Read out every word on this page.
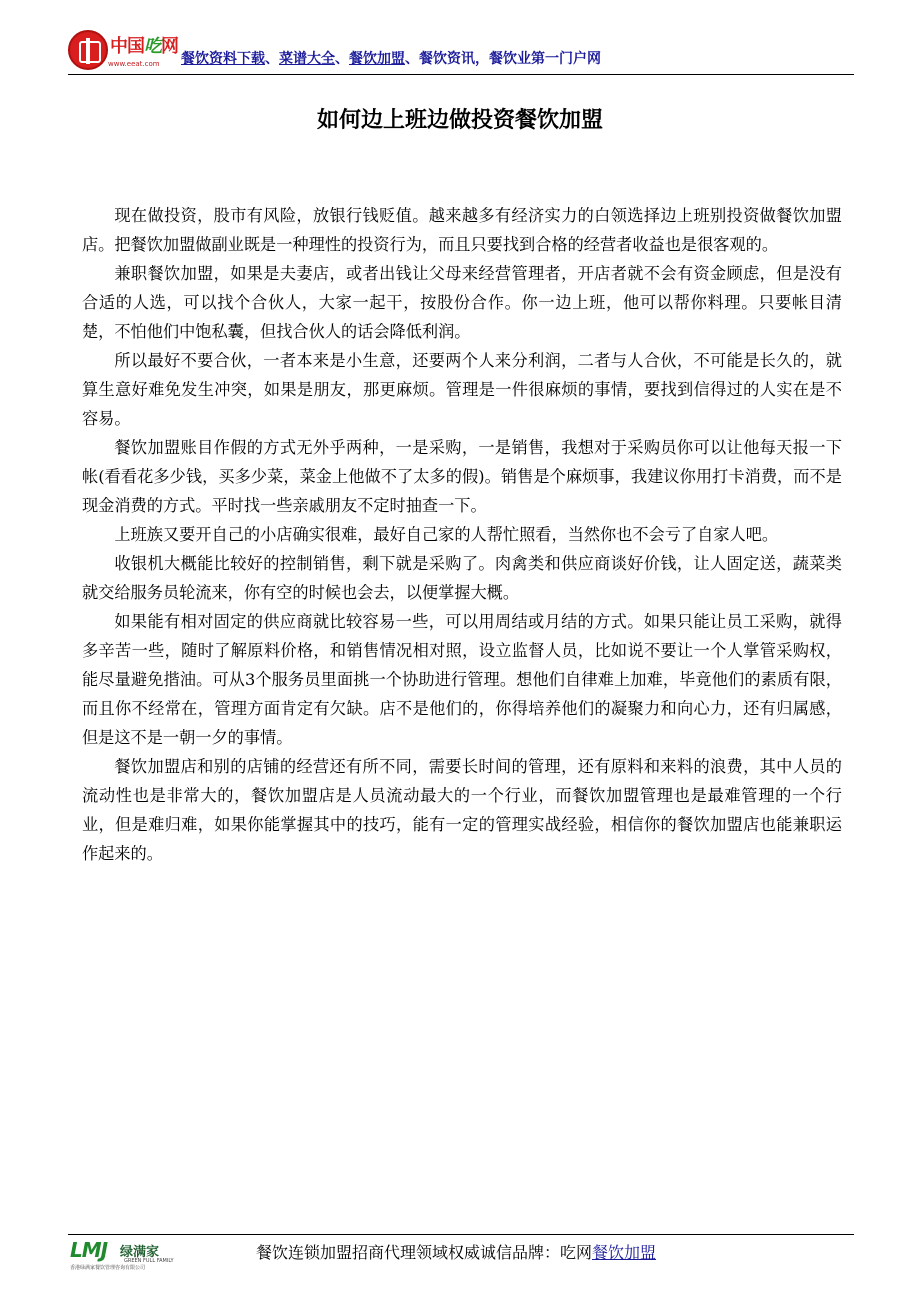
中国吃网
www.eeat.com 餐饮资料下载、菜谱大全、餐饮加盟、餐饮资讯，餐饮业第一门户网
如何边上班边做投资餐饮加盟

现在做投资，股市有风险，放银行钱贬值。越来越多有经济实力的白领选择边上班别投资做餐饮加盟店。把餐饮加盟做副业既是一种理性的投资行为，而且只要找到合格的经营者收益也是很客观的。

兼职餐饮加盟，如果是夫妻店，或者出钱让父母来经营管理者，开店者就不会有资金顾虑，但是没有合适的人选，可以找个合伙人，大家一起干，按股份合作。你一边上班，他可以帮你料理。只要帐目清楚，不怕他们中饱私囊，但找合伙人的话会降低利润。

所以最好不要合伙，一者本来是小生意，还要两个人来分利润，二者与人合伙，不可能是长久的，就算生意好难免发生冲突，如果是朋友，那更麻烦。管理是一件很麻烦的事情，要找到信得过的人实在是不容易。

餐饮加盟账目作假的方式无外乎两种，一是采购，一是销售，我想对于采购员你可以让他每天报一下帐(看看花多少钱，买多少菜，菜金上他做不了太多的假)。销售是个麻烦事，我建议你用打卡消费，而不是现金消费的方式。平时找一些亲戚朋友不定时抽查一下。

上班族又要开自己的小店确实很难，最好自己家的人帮忙照看，当然你也不会亏了自家人吧。

收银机大概能比较好的控制销售，剩下就是采购了。肉禽类和供应商谈好价钱，让人固定送，蔬菜类就交给服务员轮流来，你有空的时候也会去，以便掌握大概。

如果能有相对固定的供应商就比较容易一些，可以用周结或月结的方式。如果只能让员工采购，就得多辛苦一些，随时了解原料价格，和销售情况相对照，设立监督人员，比如说不要让一个人掌管采购权，能尽量避免揩油。可从3个服务员里面挑一个协助进行管理。想他们自律难上加难，毕竟他们的素质有限，而且你不经常在，管理方面肯定有欠缺。店不是他们的，你得培养他们的凝聚力和向心力，还有归属感，但是这不是一朝一夕的事情。

餐饮加盟店和别的店铺的经营还有所不同，需要长时间的管理，还有原料和来料的浪费，其中人员的流动性也是非常大的，餐饮加盟店是人员流动最大的一个行业，而餐饮加盟管理也是最难管理的一个行业，但是难归难，如果你能掌握其中的技巧，能有一定的管理实战经验，相信你的餐饮加盟店也能兼职运作起来的。

LMJ 绿满家
GREEN FULL FAMILY
香港绿满家餐饮管理咨询有限公司
餐饮连锁加盟招商代理领域权威诚信品牌：吃网餐饮加盟
